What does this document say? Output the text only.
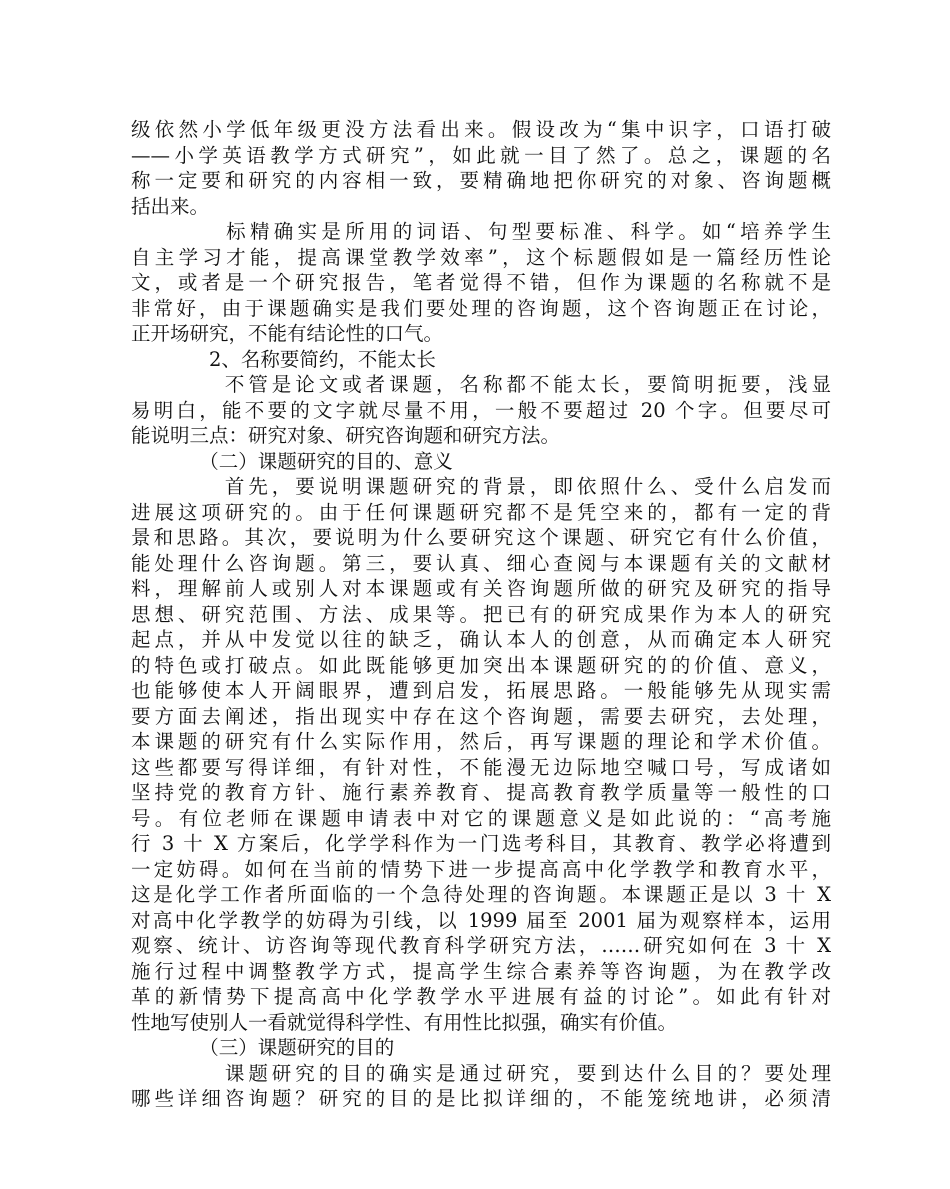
级依然小学低年级更没方法看出来。假设改为“集中识字，口语打破
——小学英语教学方式研究”，如此就一目了然了。总之，课题的名
称一定要和研究的内容相一致，要精确地把你研究的对象、咨询题概
括出来。
　　　　标精确实是所用的词语、句型要标准、科学。如“培养学生
自主学习才能，提高课堂教学效率”，这个标题假如是一篇经历性论
文，或者是一个研究报告，笔者觉得不错，但作为课题的名称就不是
非常好，由于课题确实是我们要处理的咨询题，这个咨询题正在讨论，
正开场研究，不能有结论性的口气。
　　　　2、名称要简约，不能太长
　　　　不管是论文或者课题，名称都不能太长，要简明扼要，浅显
易明白，能不要的文字就尽量不用，一般不要超过 20 个字。但要尽可
能说明三点：研究对象、研究咨询题和研究方法。
　　　　（二）课题研究的目的、意义
　　　　首先，要说明课题研究的背景，即依照什么、受什么启发而
进展这项研究的。由于任何课题研究都不是凭空来的，都有一定的背
景和思路。其次，要说明为什么要研究这个课题、研究它有什么价值，
能处理什么咨询题。第三，要认真、细心查阅与本课题有关的文献材
料，理解前人或别人对本课题或有关咨询题所做的研究及研究的指导
思想、研究范围、方法、成果等。把已有的研究成果作为本人的研究
起点，并从中发觉以往的缺乏，确认本人的创意，从而确定本人研究
的特色或打破点。如此既能够更加突出本课题研究的的价值、意义，
也能够使本人开阔眼界，遭到启发，拓展思路。一般能够先从现实需
要方面去阐述，指出现实中存在这个咨询题，需要去研究，去处理，
本课题的研究有什么实际作用，然后，再写课题的理论和学术价值。
这些都要写得详细，有针对性，不能漫无边际地空喊口号，写成诸如
坚持党的教育方针、施行素养教育、提高教育教学质量等一般性的口
号。有位老师在课题申请表中对它的课题意义是如此说的：“高考施
行 3 十 X 方案后，化学学科作为一门选考科目，其教育、教学必将遭到
一定妨碍。如何在当前的情势下进一步提高高中化学教学和教育水平，
这是化学工作者所面临的一个急待处理的咨询题。本课题正是以 3 十 X
对高中化学教学的妨碍为引线，以 1999 届至 2001 届为观察样本，运用
观察、统计、访咨询等现代教育科学研究方法，……研究如何在 3 十 X
施行过程中调整教学方式，提高学生综合素养等咨询题，为在教学改
革的新情势下提高高中化学教学水平进展有益的讨论”。如此有针对
性地写使别人一看就觉得科学性、有用性比拟强，确实有价值。
　　　　（三）课题研究的目的
　　　　课题研究的目的确实是通过研究，要到达什么目的？要处理
哪些详细咨询题？研究的目的是比拟详细的，不能笼统地讲，必须清
